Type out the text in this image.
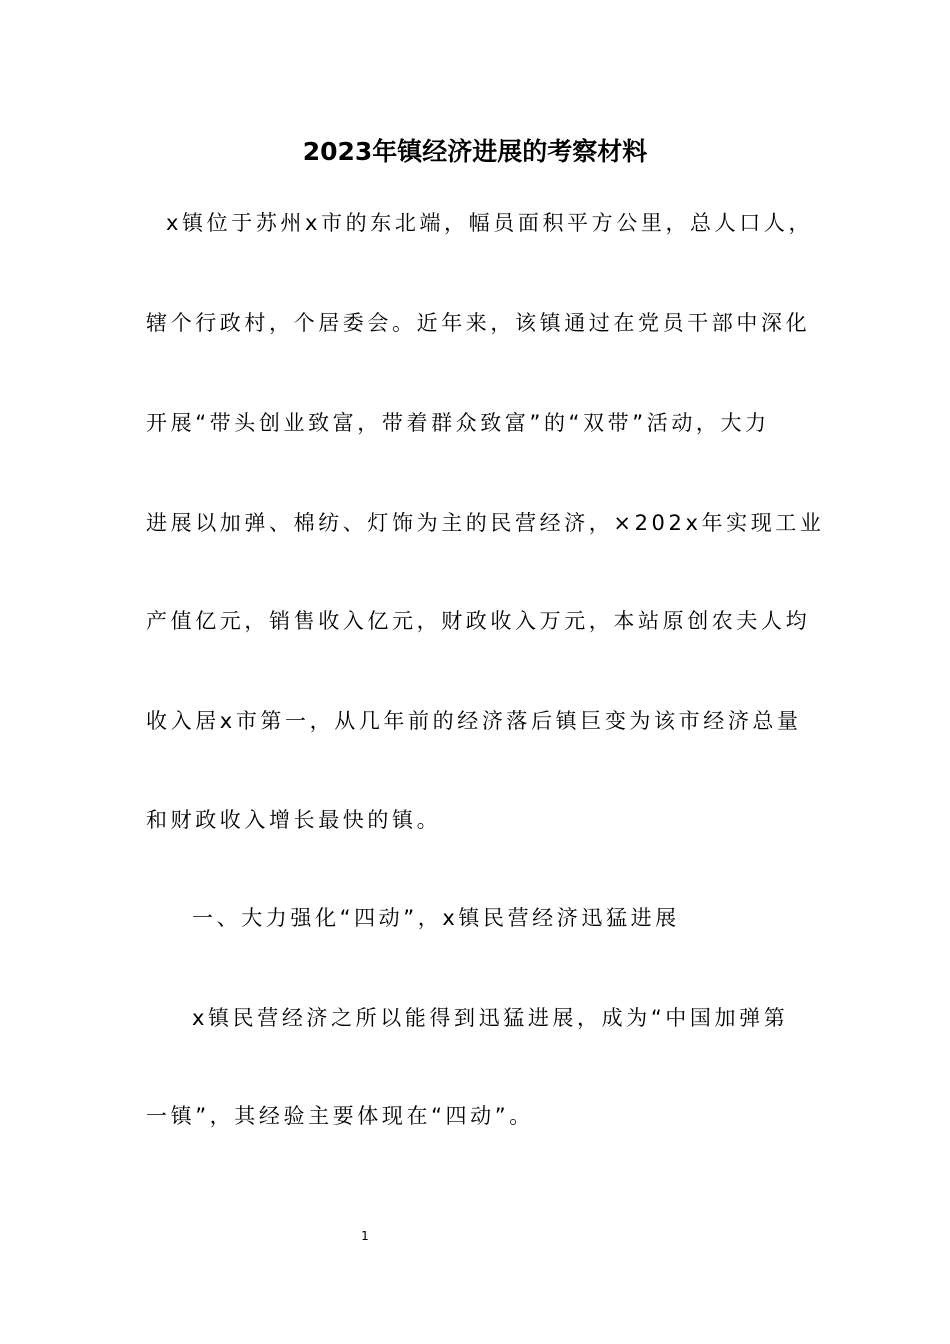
2023年镇经济进展的考察材料
x镇位于苏州x市的东北端，幅员面积平方公里，总人口人，
辖个行政村，个居委会。近年来，该镇通过在党员干部中深化
开展“带头创业致富，带着群众致富”的“双带”活动，大力
进展以加弹、棉纺、灯饰为主的民营经济，×202x年实现工业
产值亿元，销售收入亿元，财政收入万元，本站原创农夫人均
收入居x市第一，从几年前的经济落后镇巨变为该市经济总量
和财政收入增长最快的镇。
一、大力强化“四动”，x镇民营经济迅猛进展
x镇民营经济之所以能得到迅猛进展，成为“中国加弹第
一镇”，其经验主要体现在“四动”。
1
